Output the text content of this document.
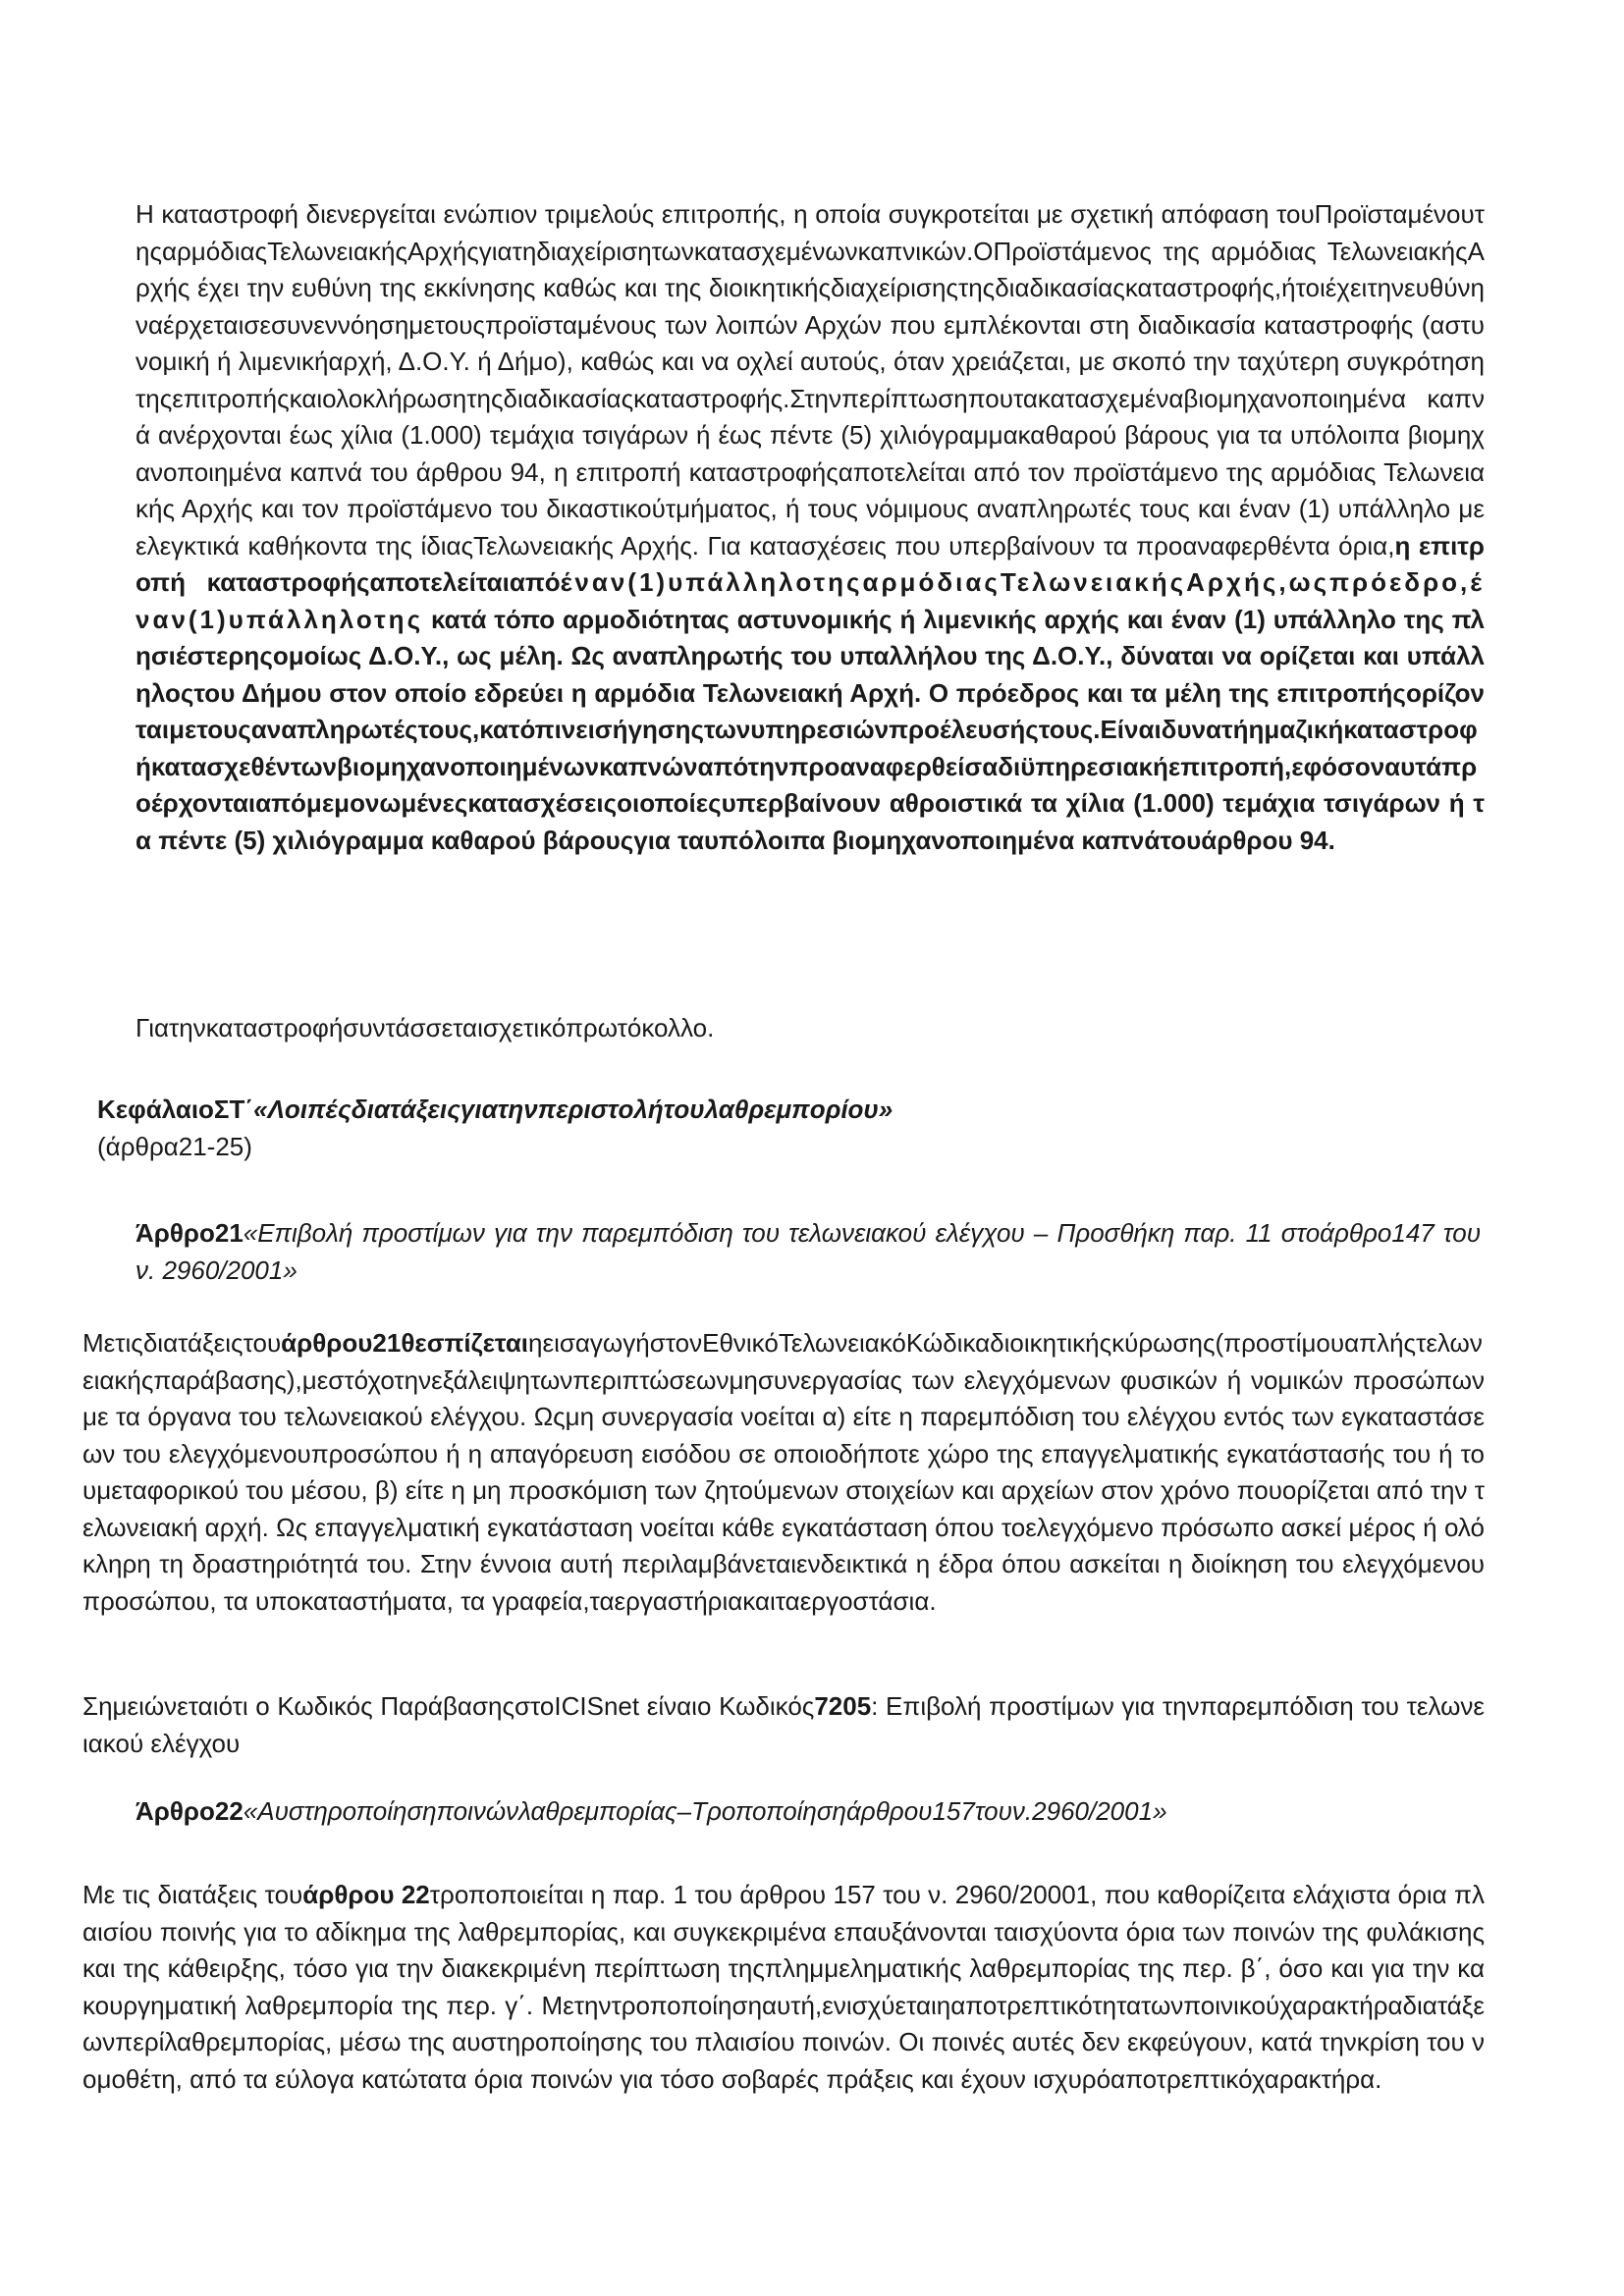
Η καταστροφή διενεργείται ενώπιον τριμελούς επιτροπής, η οποία συγκροτείται με σχετική απόφαση τουΠροϊσταμένουτηςαρμόδιαςΤελωνειακήςΑρχήςγιατηδιαχείρισητωνκατασχεμένωνκαπνικών.ΟΠροϊστάμενος της αρμόδιας ΤελωνειακήςΑρχής έχει την ευθύνη της εκκίνησης καθώς και της διοικητικήςδιαχείρισηςτηςδιαδικασίαςκαταστροφής,ήτοιέχειτηνευθύνηναέρχεταισεσυνεννόησημετουςπροϊσταμένους των λοιπών Αρχών που εμπλέκονται στη διαδικασία καταστροφής (αστυνομική ή λιμενικήαρχή, Δ.Ο.Υ. ή Δήμο), καθώς και να οχλεί αυτούς, όταν χρειάζεται, με σκοπό την ταχύτερη συγκρότηση τηςεπιτροπήςκαιολοκλήρωσητηςδιαδικασίαςκαταστροφής.Στηνπερίπτωσηπουτακατασχεμέναβιομηχανοποιημένα καπνά ανέρχονται έως χίλια (1.000) τεμάχια τσιγάρων ή έως πέντε (5) χιλιόγραμμακαθαρού βάρους για τα υπόλοιπα βιομηχανοποιημένα καπνά του άρθρου 94, η επιτροπή καταστροφήςαποτελείται από τον προϊστάμενο της αρμόδιας Τελωνειακής Αρχής και τον προϊστάμενο του δικαστικούτμήματος, ή τους νόμιμους αναπληρωτές τους και έναν (1) υπάλληλο με ελεγκτικά καθήκοντα της ίδιαςΤελωνειακής Αρχής. Για κατασχέσεις που υπερβαίνουν τα προαναφερθέντα όρια,η επιτροπή καταστροφήςαποτελείταιαπόέναν(1)υπάλληλοτηςαρμόδιαςΤελωνειακήςΑρχής,ωςπρόεδρο,έναν(1)υπάλληλοτης κατά τόπο αρμοδιότητας αστυνομικής ή λιμενικής αρχής και έναν (1) υπάλληλο της πλησιέστερηςομοίως Δ.Ο.Υ., ως μέλη. Ως αναπληρωτής του υπαλλήλου της Δ.Ο.Υ., δύναται να ορίζεται και υπάλληλοςτου Δήμου στον οποίο εδρεύει η αρμόδια Τελωνειακή Αρχή. Ο πρόεδρος και τα μέλη της επιτροπήςορίζονταιμετουςαναπληρωτέςτους,κατόπινεισήγησηςτωνυπηρεσιώνπροέλευσήςτους.Είναιδυνατήημαζικήκαταστροφήκατασχεθέντωνβιομηχανοποιημένωνκαπνώναπότηνπροαναφερθείσαδιϋπηρεσιακήεπιτροπή,εφόσοναυτάπροέρχονταιαπόμεμονωμένεςκατασχέσειςοιοποίεςυπερβαίνουν αθροιστικά τα χίλια (1.000) τεμάχια τσιγάρων ή τα πέντε (5) χιλιόγραμμα καθαρού βάρουςγια ταυπόλοιπα βιομηχανοποιημένα καπνάτουάρθρου 94.
Γιατηνκαταστροφήσυντάσσεταισχετικόπρωτόκολλο.
ΚεφάλαιοΣΤ΄«Λοιπέςδιατάξειςγιατηνπεριστολήτουλαθρεμπορίου»
(άρθρα21-25)
Άρθρο21«Επιβολή προστίμων για την παρεμπόδιση του τελωνειακού ελέγχου – Προσθήκη παρ. 11 στοάρθρο147 του ν. 2960/2001»
Μετιςδιατάξειςτουάρθρου21θεσπίζεταιηεισαγωγήστονΕθνικόΤελωνειακόΚώδικαδιοικητικήςκύρωσης(προστίμουαπλήςτελωνειακήςπαράβασης),μεστόχοτηνεξάλειψητωνπεριπτώσεωνμησυνεργασίας των ελεγχόμενων φυσικών ή νομικών προσώπων με τα όργανα του τελωνειακού ελέγχου. Ωςμη συνεργασία νοείται α) είτε η παρεμπόδιση του ελέγχου εντός των εγκαταστάσεων του ελεγχόμενουπροσώπου ή η απαγόρευση εισόδου σε οποιοδήποτε χώρο της επαγγελματικής εγκατάστασής του ή τουμεταφορικού του μέσου, β) είτε η μη προσκόμιση των ζητούμενων στοιχείων και αρχείων στον χρόνο πουορίζεται από την τελωνειακή αρχή. Ως επαγγελματική εγκατάσταση νοείται κάθε εγκατάσταση όπου τοελεγχόμενο πρόσωπο ασκεί μέρος ή ολόκληρη τη δραστηριότητά του. Στην έννοια αυτή περιλαμβάνεταιενδεικτικά η έδρα όπου ασκείται η διοίκηση του ελεγχόμενου προσώπου, τα υποκαταστήματα, τα γραφεία,ταεργαστήριακαιταεργοστάσια.
Σημειώνεταιότι ο Κωδικός ΠαράβασηςστοICISnet είναιο Κωδικός7205: Επιβολή προστίμων για τηνπαρεμπόδιση του τελωνειακού ελέγχου
Άρθρο22«Αυστηροποίησηποινώνλαθρεμπορίας–Τροποποίησηάρθρου157τουν.2960/2001»
Με τις διατάξεις τουάρθρου 22τροποποιείται η παρ. 1 του άρθρου 157 του ν. 2960/20001, που καθορίζειτα ελάχιστα όρια πλαισίου ποινής για το αδίκημα της λαθρεμπορίας, και συγκεκριμένα επαυξάνονται ταισχύοντα όρια των ποινών της φυλάκισης και της κάθειρξης, τόσο για την διακεκριμένη περίπτωση τηςπλημμεληματικής λαθρεμπορίας της περ. β΄, όσο και για την κακουργηματική λαθρεμπορία της περ. γ΄. Μετηντροποποίησηαυτή,ενισχύεταιηαποτρεπτικότητατωνποινικούχαρακτήραδιατάξεωνπερίλαθρεμπορίας, μέσω της αυστηροποίησης του πλαισίου ποινών. Οι ποινές αυτές δεν εκφεύγουν, κατά τηνκρίση του νομοθέτη, από τα εύλογα κατώτατα όρια ποινών για τόσο σοβαρές πράξεις και έχουν ισχυρόαποτρεπτικόχαρακτήρα.
